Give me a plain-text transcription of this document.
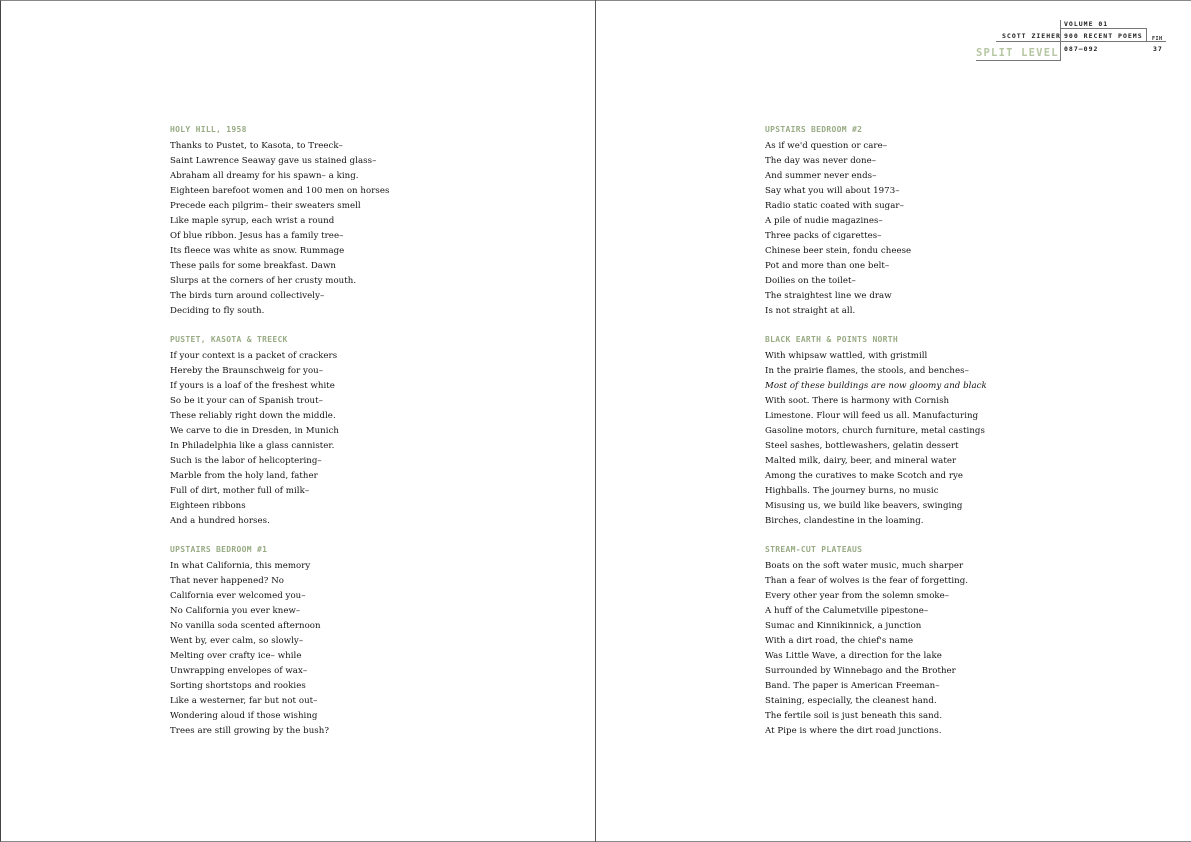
VOLUME 01
SCOTT ZIEHER 900 RECENT POEMS
087–092
FIH
37
SPLIT LEVEL
HOLY HILL, 1958
Thanks to Pustet, to Kasota, to Treeck–
Saint Lawrence Seaway gave us stained glass–
Abraham all dreamy for his spawn– a king.
Eighteen barefoot women and 100 men on horses
Precede each pilgrim– their sweaters smell
Like maple syrup, each wrist a round
Of blue ribbon. Jesus has a family tree–
Its fleece was white as snow. Rummage
These pails for some breakfast. Dawn
Slurps at the corners of her crusty mouth.
The birds turn around collectively–
Deciding to fly south.
PUSTET, KASOTA & TREECK
If your context is a packet of crackers
Hereby the Braunschweig for you–
If yours is a loaf of the freshest white
So be it your can of Spanish trout–
These reliably right down the middle.
We carve to die in Dresden, in Munich
In Philadelphia like a glass cannister.
Such is the labor of helicoptering–
Marble from the holy land, father
Full of dirt, mother full of milk–
Eighteen ribbons
And a hundred horses.
UPSTAIRS BEDROOM #1
In what California, this memory
That never happened? No
California ever welcomed you–
No California you ever knew–
No vanilla soda scented afternoon
Went by, ever calm, so slowly–
Melting over crafty ice– while
Unwrapping envelopes of wax–
Sorting shortstops and rookies
Like a westerner, far but not out–
Wondering aloud if those wishing
Trees are still growing by the bush?
UPSTAIRS BEDROOM #2
As if we'd question or care–
The day was never done–
And summer never ends–
Say what you will about 1973–
Radio static coated with sugar–
A pile of nudie magazines–
Three packs of cigarettes–
Chinese beer stein, fondu cheese
Pot and more than one belt–
Doilies on the toilet–
The straightest line we draw
Is not straight at all.
BLACK EARTH & POINTS NORTH
With whipsaw wattled, with gristmill
In the prairie flames, the stools, and benches–
Most of these buildings are now gloomy and black
With soot. There is harmony with Cornish
Limestone. Flour will feed us all. Manufacturing
Gasoline motors, church furniture, metal castings
Steel sashes, bottlewashers, gelatin dessert
Malted milk, dairy, beer, and mineral water
Among the curatives to make Scotch and rye
Highballs. The journey burns, no music
Misusing us, we build like beavers, swinging
Birches, clandestine in the loaming.
STREAM-CUT PLATEAUS
Boats on the soft water music, much sharper
Than a fear of wolves is the fear of forgetting.
Every other year from the solemn smoke–
A huff of the Calumetville pipestone–
Sumac and Kinnikinnick, a junction
With a dirt road, the chief's name
Was Little Wave, a direction for the lake
Surrounded by Winnebago and the Brother
Band. The paper is American Freeman–
Staining, especially, the cleanest hand.
The fertile soil is just beneath this sand.
At Pipe is where the dirt road junctions.
